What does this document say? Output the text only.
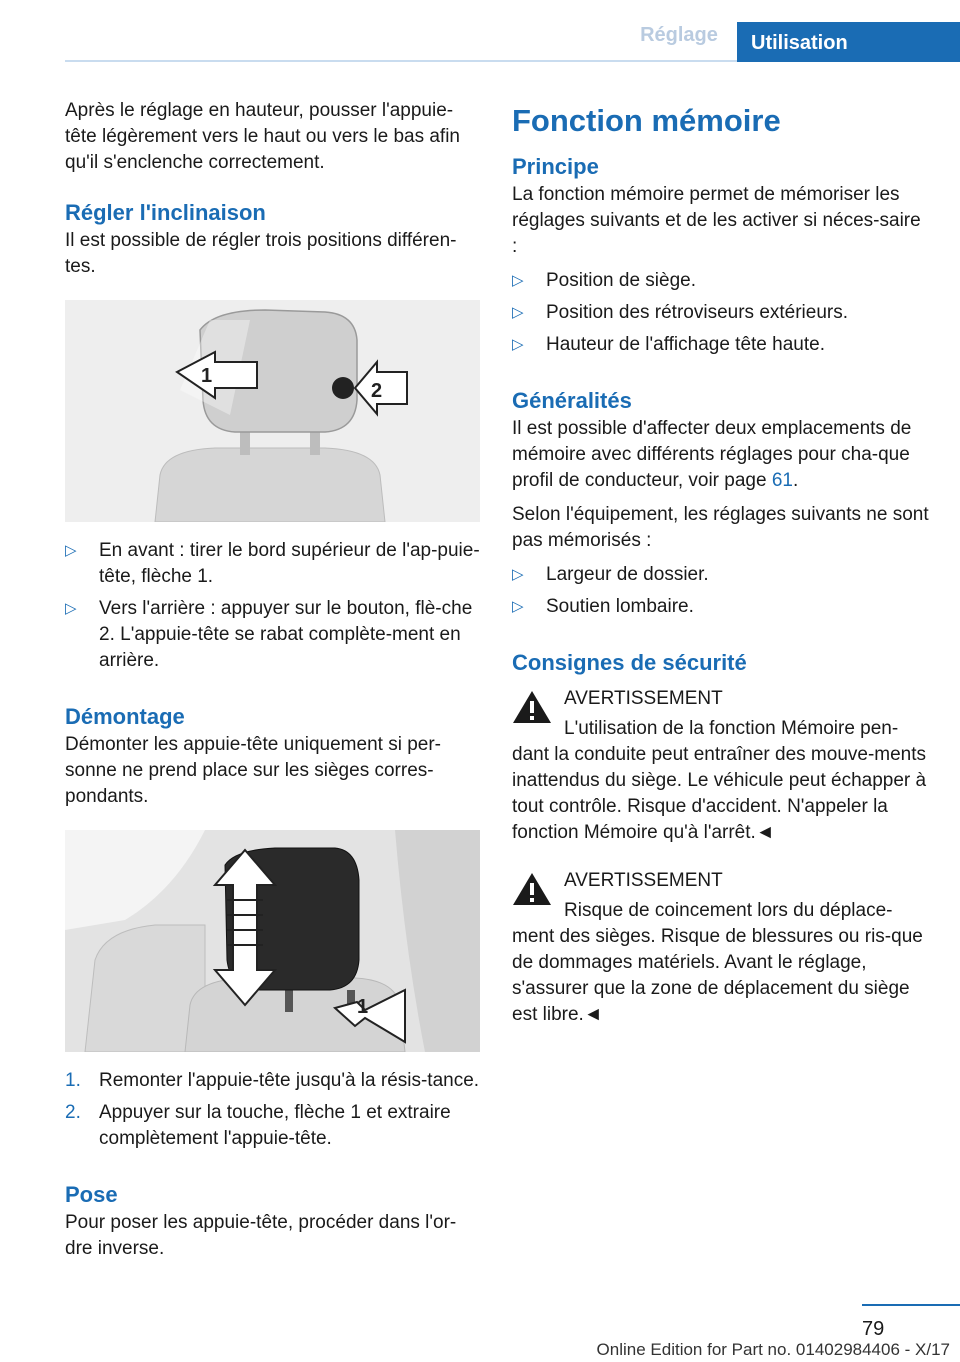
Réglage	Utilisation

Après le réglage en hauteur, pousser l'appuie-tête légèrement vers le haut ou vers le bas afin qu'il s'enclenche correctement.

Régler l'inclinaison

Il est possible de régler trois positions différen-tes.

1
2
▷ En avant : tirer le bord supérieur de l'ap-puie-tête, flèche 1.
▷ Vers l'arrière : appuyer sur le bouton, flè-che 2. L'appuie-tête se rabat complète-ment en arrière.
Démontage

Démonter les appuie-tête uniquement si per-sonne ne prend place sur les sièges corres-pondants.

1
1. Remonter l'appuie-tête jusqu'à la résis-tance.
2. Appuyer sur la touche, flèche 1 et extraire complètement l'appuie-tête.
Pose

Pour poser les appuie-tête, procéder dans l'or-dre inverse.

Fonction mémoire
Principe

La fonction mémoire permet de mémoriser les réglages suivants et de les activer si néces-saire :

▷ Position de siège.
▷ Position des rétroviseurs extérieurs.
▷ Hauteur de l'affichage tête haute.
Généralités

Il est possible d'affecter deux emplacements de mémoire avec différents réglages pour cha-que profil de conducteur, voir page 61.

Selon l'équipement, les réglages suivants ne sont pas mémorisés :

▷ Largeur de dossier.
▷ Soutien lombaire.
Consignes de sécurité

AVERTISSEMENT

L'utilisation de la fonction Mémoire pen-dant la conduite peut entraîner des mouve-ments inattendus du siège. Le véhicule peut échapper à tout contrôle. Risque d'accident. N'appeler la fonction Mémoire qu'à l'arrêt.◄

AVERTISSEMENT

Risque de coincement lors du déplace-ment des sièges. Risque de blessures ou ris-que de dommages matériels. Avant le réglage, s'assurer que la zone de déplacement du siège est libre.◄

79
Online Edition for Part no. 01402984406 - X/17
